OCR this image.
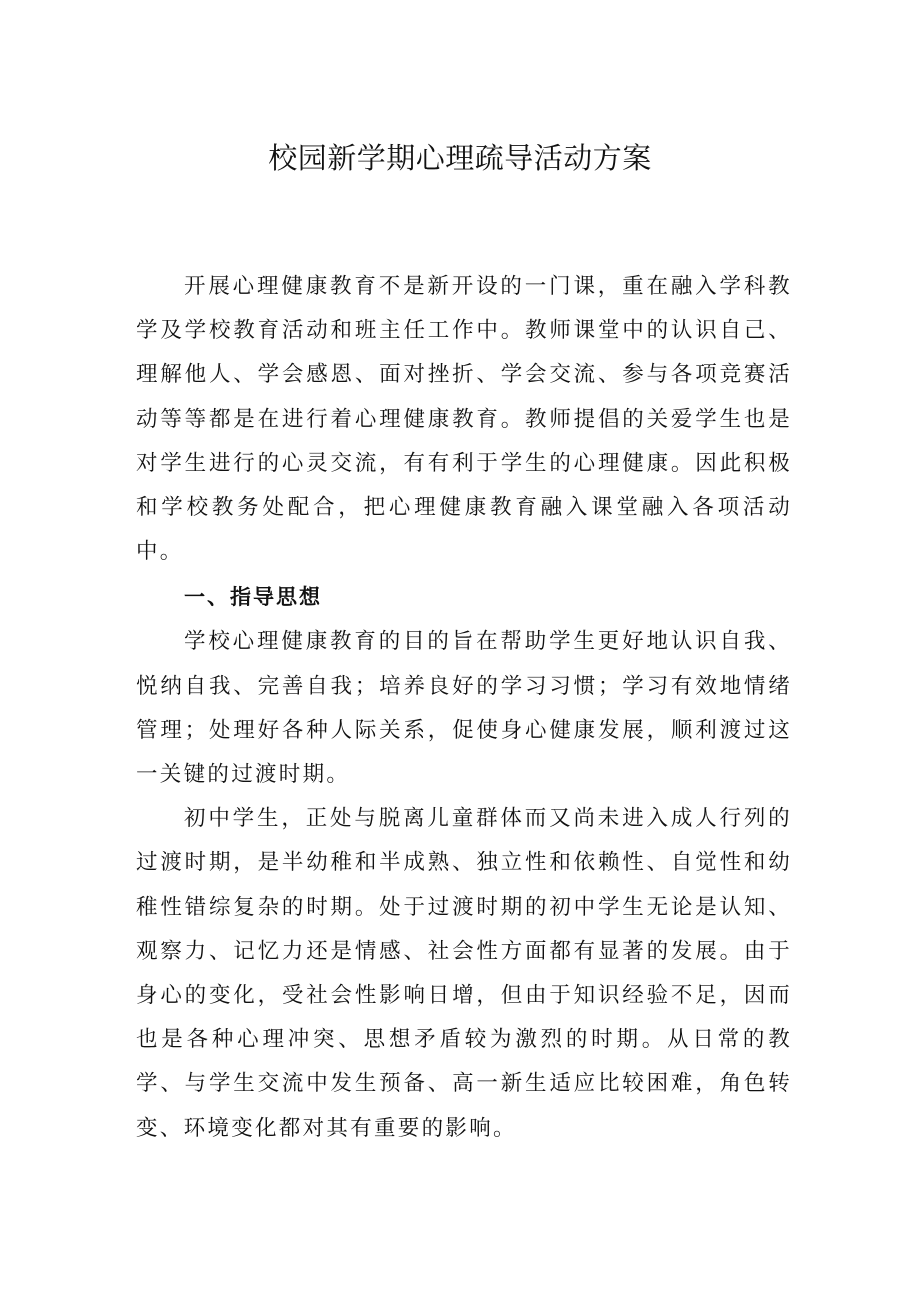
校园新学期心理疏导活动方案

开展心理健康教育不是新开设的一门课，重在融入学科教学及学校教育活动和班主任工作中。教师课堂中的认识自己、理解他人、学会感恩、面对挫折、学会交流、参与各项竞赛活动等等都是在进行着心理健康教育。教师提倡的关爱学生也是对学生进行的心灵交流，有有利于学生的心理健康。因此积极和学校教务处配合，把心理健康教育融入课堂融入各项活动中。

一、指导思想

学校心理健康教育的目的旨在帮助学生更好地认识自我、悦纳自我、完善自我；培养良好的学习习惯；学习有效地情绪管理；处理好各种人际关系，促使身心健康发展，顺利渡过这一关键的过渡时期。

初中学生，正处与脱离儿童群体而又尚未进入成人行列的过渡时期，是半幼稚和半成熟、独立性和依赖性、自觉性和幼稚性错综复杂的时期。处于过渡时期的初中学生无论是认知、观察力、记忆力还是情感、社会性方面都有显著的发展。由于身心的变化，受社会性影响日增，但由于知识经验不足，因而也是各种心理冲突、思想矛盾较为激烈的时期。从日常的教学、与学生交流中发生预备、高一新生适应比较困难，角色转变、环境变化都对其有重要的影响。
